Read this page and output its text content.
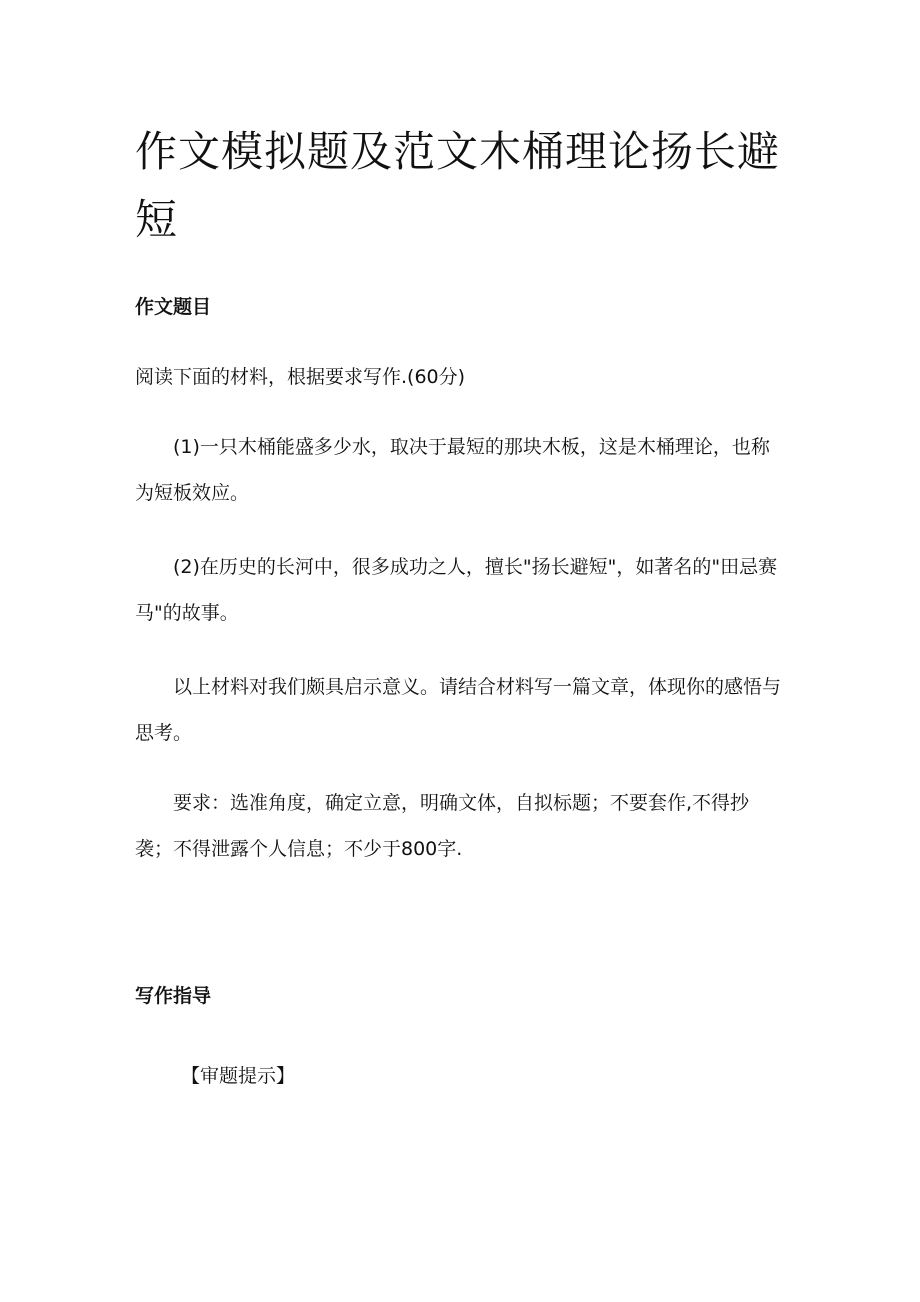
作文模拟题及范文木桶理论扬长避短
作文题目

阅读下面的材料，根据要求写作.(60分)

(1)一只木桶能盛多少水，取决于最短的那块木板，这是木桶理论，也称为短板效应。

(2)在历史的长河中，很多成功之人，擅长"扬长避短"，如著名的"田忌赛马"的故事。

以上材料对我们颇具启示意义。请结合材料写一篇文章，体现你的感悟与思考。

要求：选准角度，确定立意，明确文体，自拟标题；不要套作,不得抄袭；不得泄露个人信息；不少于800字.

写作指导

【审题提示】
